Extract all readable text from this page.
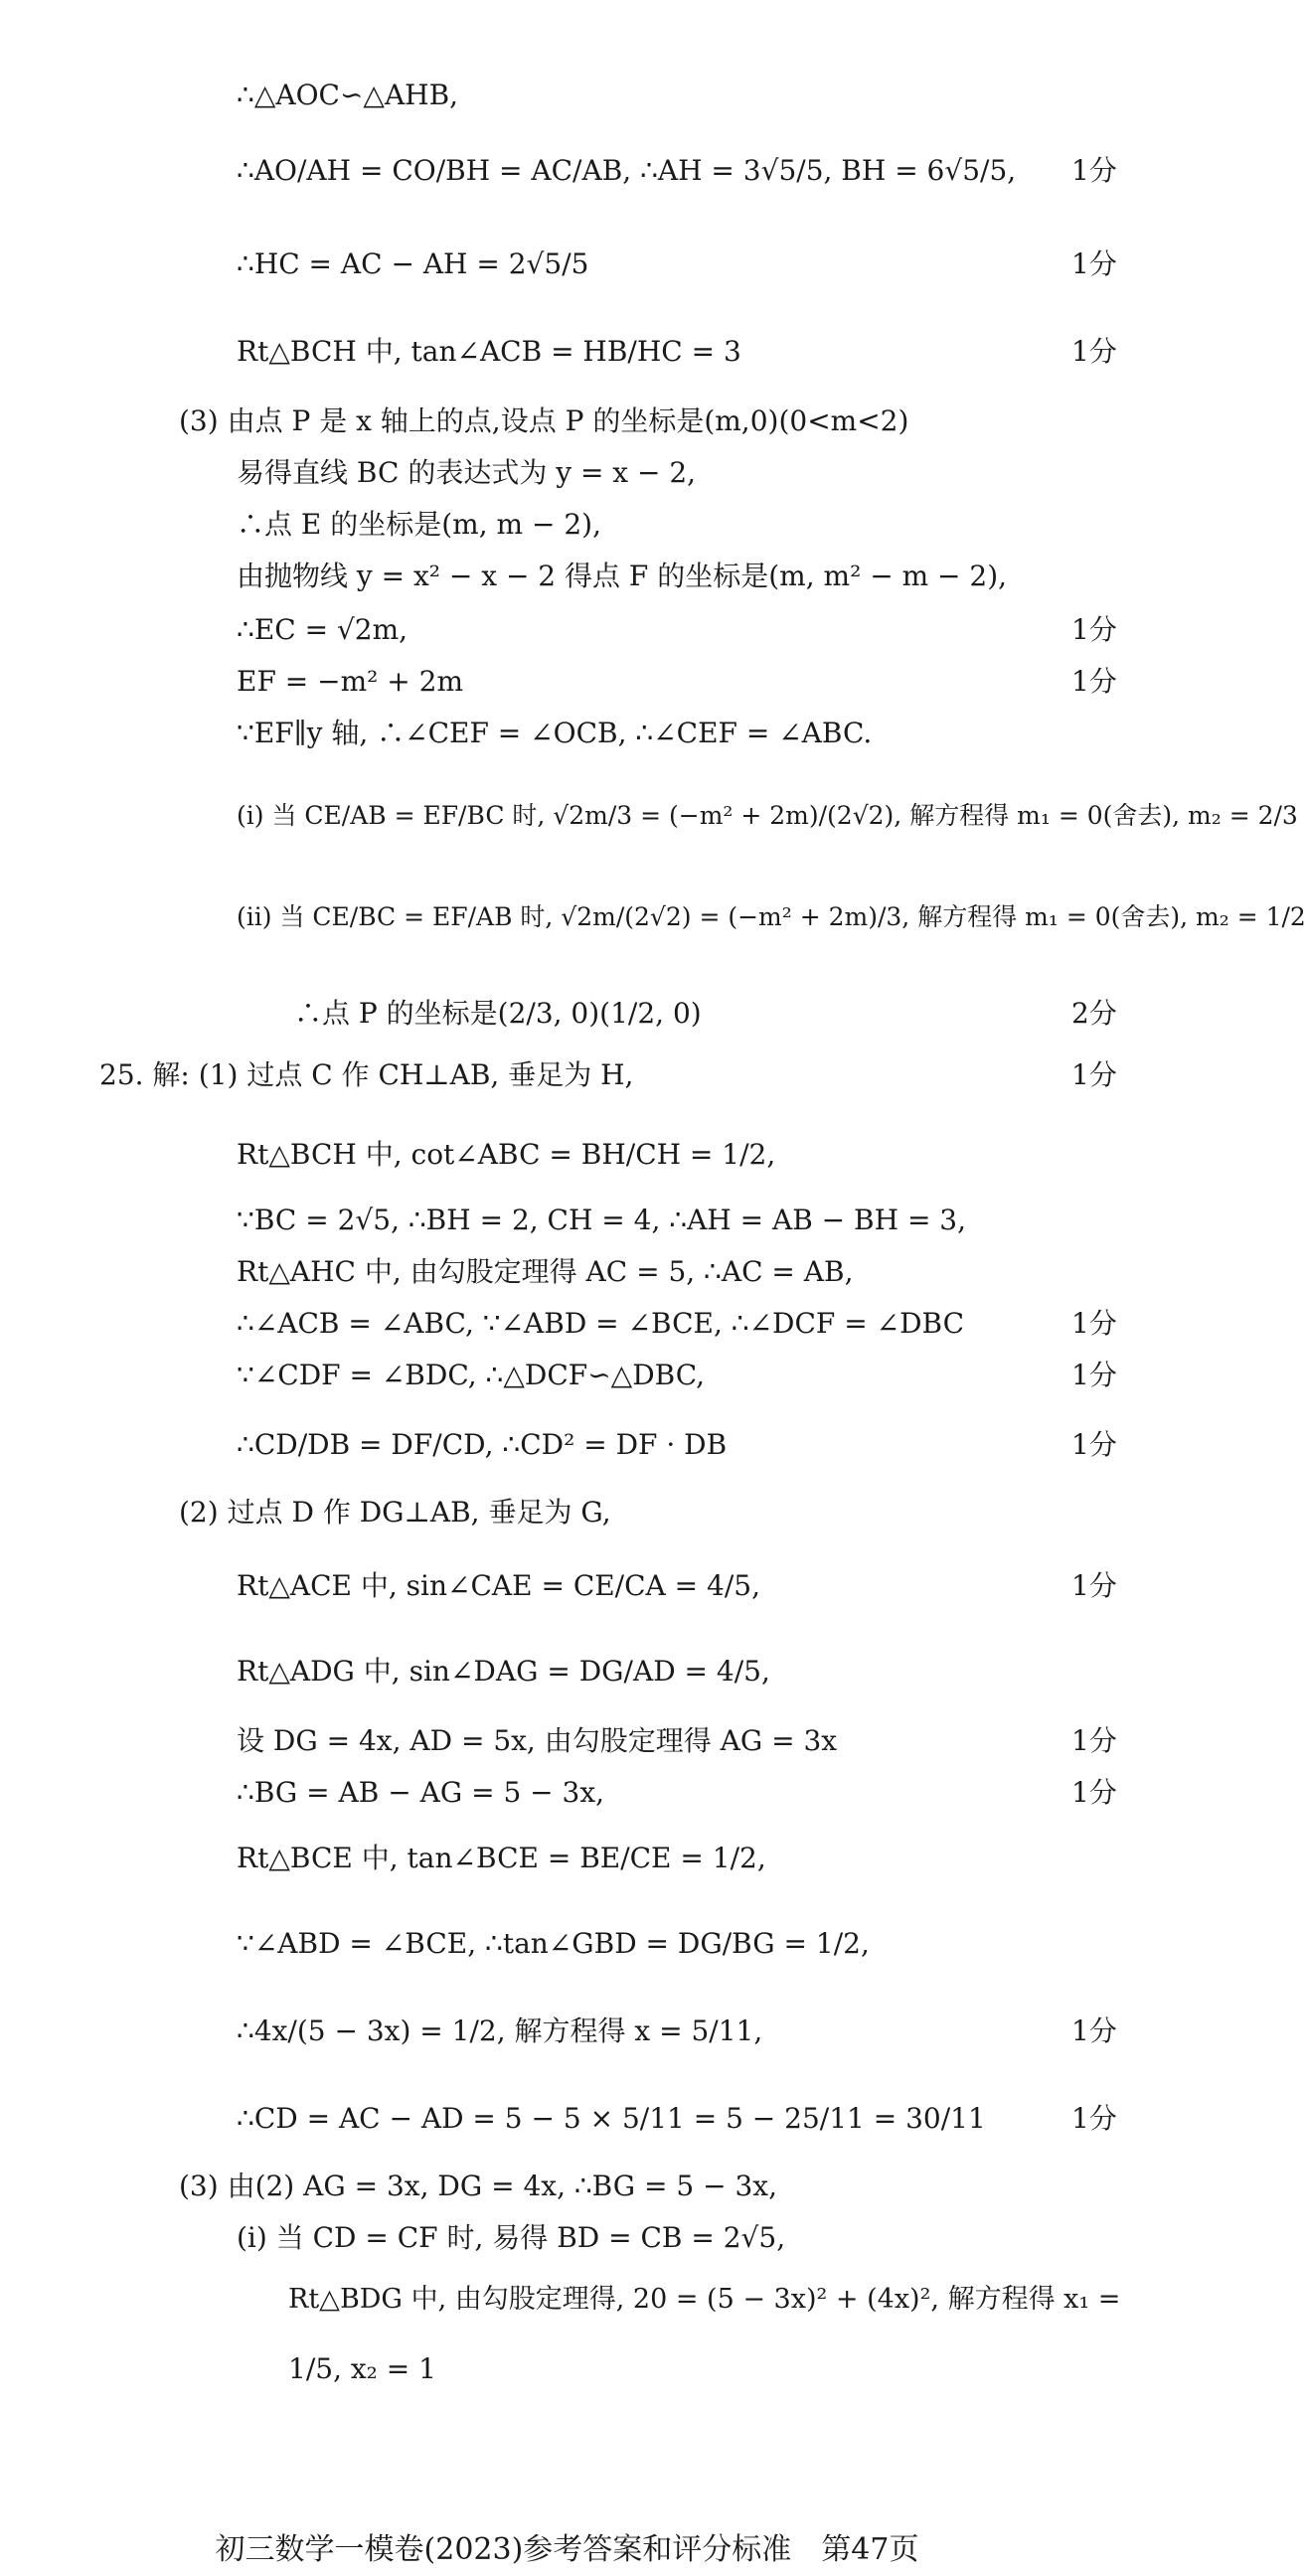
∴△AOC∽△AHB,
∴AO/AH = CO/BH = AC/AB, ∴AH = 3√5/5, BH = 6√5/5, 1分
∴HC = AC − AH = 2√5/5	1分
Rt△BCH 中, tan∠ACB = HB/HC = 3	1分
(3) 由点 P 是 x 轴上的点,设点 P 的坐标是(m,0)(0<m<2)
易得直线 BC 的表达式为 y = x − 2,
∴点 E 的坐标是(m, m − 2),
由抛物线 y = x² − x − 2 得点 F 的坐标是(m, m² − m − 2),
∴EC = √2m,	1分
EF = −m² + 2m	1分
∵EF∥y 轴, ∴∠CEF = ∠OCB, ∴∠CEF = ∠ABC.
(i) 当 CE/AB = EF/BC 时, √2m/3 = (−m² + 2m)/(2√2), 解方程得 m₁ = 0(舍去), m₂ = 2/3
(ii) 当 CE/BC = EF/AB 时, √2m/(2√2) = (−m² + 2m)/3, 解方程得 m₁ = 0(舍去), m₂ = 1/2
∴点 P 的坐标是(2/3, 0)(1/2, 0)	2分
25. 解: (1) 过点 C 作 CH⊥AB, 垂足为 H,	1分
Rt△BCH 中, cot∠ABC = BH/CH = 1/2,
∵BC = 2√5, ∴BH = 2, CH = 4, ∴AH = AB − BH = 3,
Rt△AHC 中, 由勾股定理得 AC = 5, ∴AC = AB,
∴∠ACB = ∠ABC, ∵∠ABD = ∠BCE, ∴∠DCF = ∠DBC	1分
∵∠CDF = ∠BDC, ∴△DCF∽△DBC,	1分
∴CD/DB = DF/CD, ∴CD² = DF · DB	1分
(2) 过点 D 作 DG⊥AB, 垂足为 G,
Rt△ACE 中, sin∠CAE = CE/CA = 4/5,	1分
Rt△ADG 中, sin∠DAG = DG/AD = 4/5,
设 DG = 4x, AD = 5x, 由勾股定理得 AG = 3x	1分
∴BG = AB − AG = 5 − 3x,	1分
Rt△BCE 中, tan∠BCE = BE/CE = 1/2,
∵∠ABD = ∠BCE, ∴tan∠GBD = DG/BG = 1/2,
∴4x/(5 − 3x) = 1/2, 解方程得 x = 5/11,	1分
∴CD = AC − AD = 5 − 5 × 5/11 = 5 − 25/11 = 30/11	1分
(3) 由(2) AG = 3x, DG = 4x, ∴BG = 5 − 3x,
(i) 当 CD = CF 时, 易得 BD = CB = 2√5,
Rt△BDG 中, 由勾股定理得, 20 = (5 − 3x)² + (4x)², 解方程得 x₁ =
1/5, x₂ = 1
初三数学一模卷(2023)参考答案和评分标准　第47页
